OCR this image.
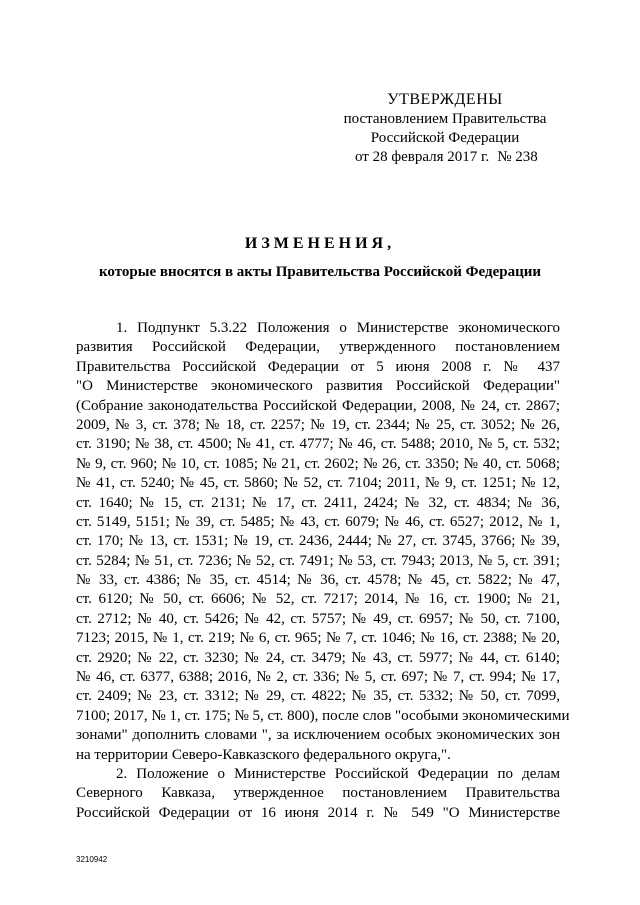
УТВЕРЖДЕНЫ
постановлением Правительства
Российской Федерации
от 28 февраля 2017 г. № 238
ИЗМЕНЕНИЯ,
которые вносятся в акты Правительства Российской Федерации
1. Подпункт 5.3.22 Положения о Министерстве экономического
развития Российской Федерации, утвержденного постановлением
Правительства Российской Федерации от 5 июня 2008 г. № 437
"О Министерстве экономического развития Российской Федерации"
(Собрание законодательства Российской Федерации, 2008, № 24, ст. 2867;
2009, № 3, ст. 378; № 18, ст. 2257; № 19, ст. 2344; № 25, ст. 3052; № 26,
ст. 3190; № 38, ст. 4500; № 41, ст. 4777; № 46, ст. 5488; 2010, № 5, ст. 532;
№ 9, ст. 960; № 10, ст. 1085; № 21, ст. 2602; № 26, ст. 3350; № 40, ст. 5068;
№ 41, ст. 5240; № 45, ст. 5860; № 52, ст. 7104; 2011, № 9, ст. 1251; № 12,
ст. 1640; № 15, ст. 2131; № 17, ст. 2411, 2424; № 32, ст. 4834; № 36,
ст. 5149, 5151; № 39, ст. 5485; № 43, ст. 6079; № 46, ст. 6527; 2012, № 1,
ст. 170; № 13, ст. 1531; № 19, ст. 2436, 2444; № 27, ст. 3745, 3766; № 39,
ст. 5284; № 51, ст. 7236; № 52, ст. 7491; № 53, ст. 7943; 2013, № 5, ст. 391;
№ 33, ст. 4386; № 35, ст. 4514; № 36, ст. 4578; № 45, ст. 5822; № 47,
ст. 6120; № 50, ст. 6606; № 52, ст. 7217; 2014, № 16, ст. 1900; № 21,
ст. 2712; № 40, ст. 5426; № 42, ст. 5757; № 49, ст. 6957; № 50, ст. 7100,
7123; 2015, № 1, ст. 219; № 6, ст. 965; № 7, ст. 1046; № 16, ст. 2388; № 20,
ст. 2920; № 22, ст. 3230; № 24, ст. 3479; № 43, ст. 5977; № 44, ст. 6140;
№ 46, ст. 6377, 6388; 2016, № 2, ст. 336; № 5, ст. 697; № 7, ст. 994; № 17,
ст. 2409; № 23, ст. 3312; № 29, ст. 4822; № 35, ст. 5332; № 50, ст. 7099,
7100; 2017, № 1, ст. 175; № 5, ст. 800), после слов "особыми экономическими
зонами" дополнить словами ", за исключением особых экономических зон
на территории Северо-Кавказского федерального округа,".
2. Положение о Министерстве Российской Федерации по делам
Северного Кавказа, утвержденное постановлением Правительства
Российской Федерации от 16 июня 2014 г. № 549 "О Министерстве
3210942
